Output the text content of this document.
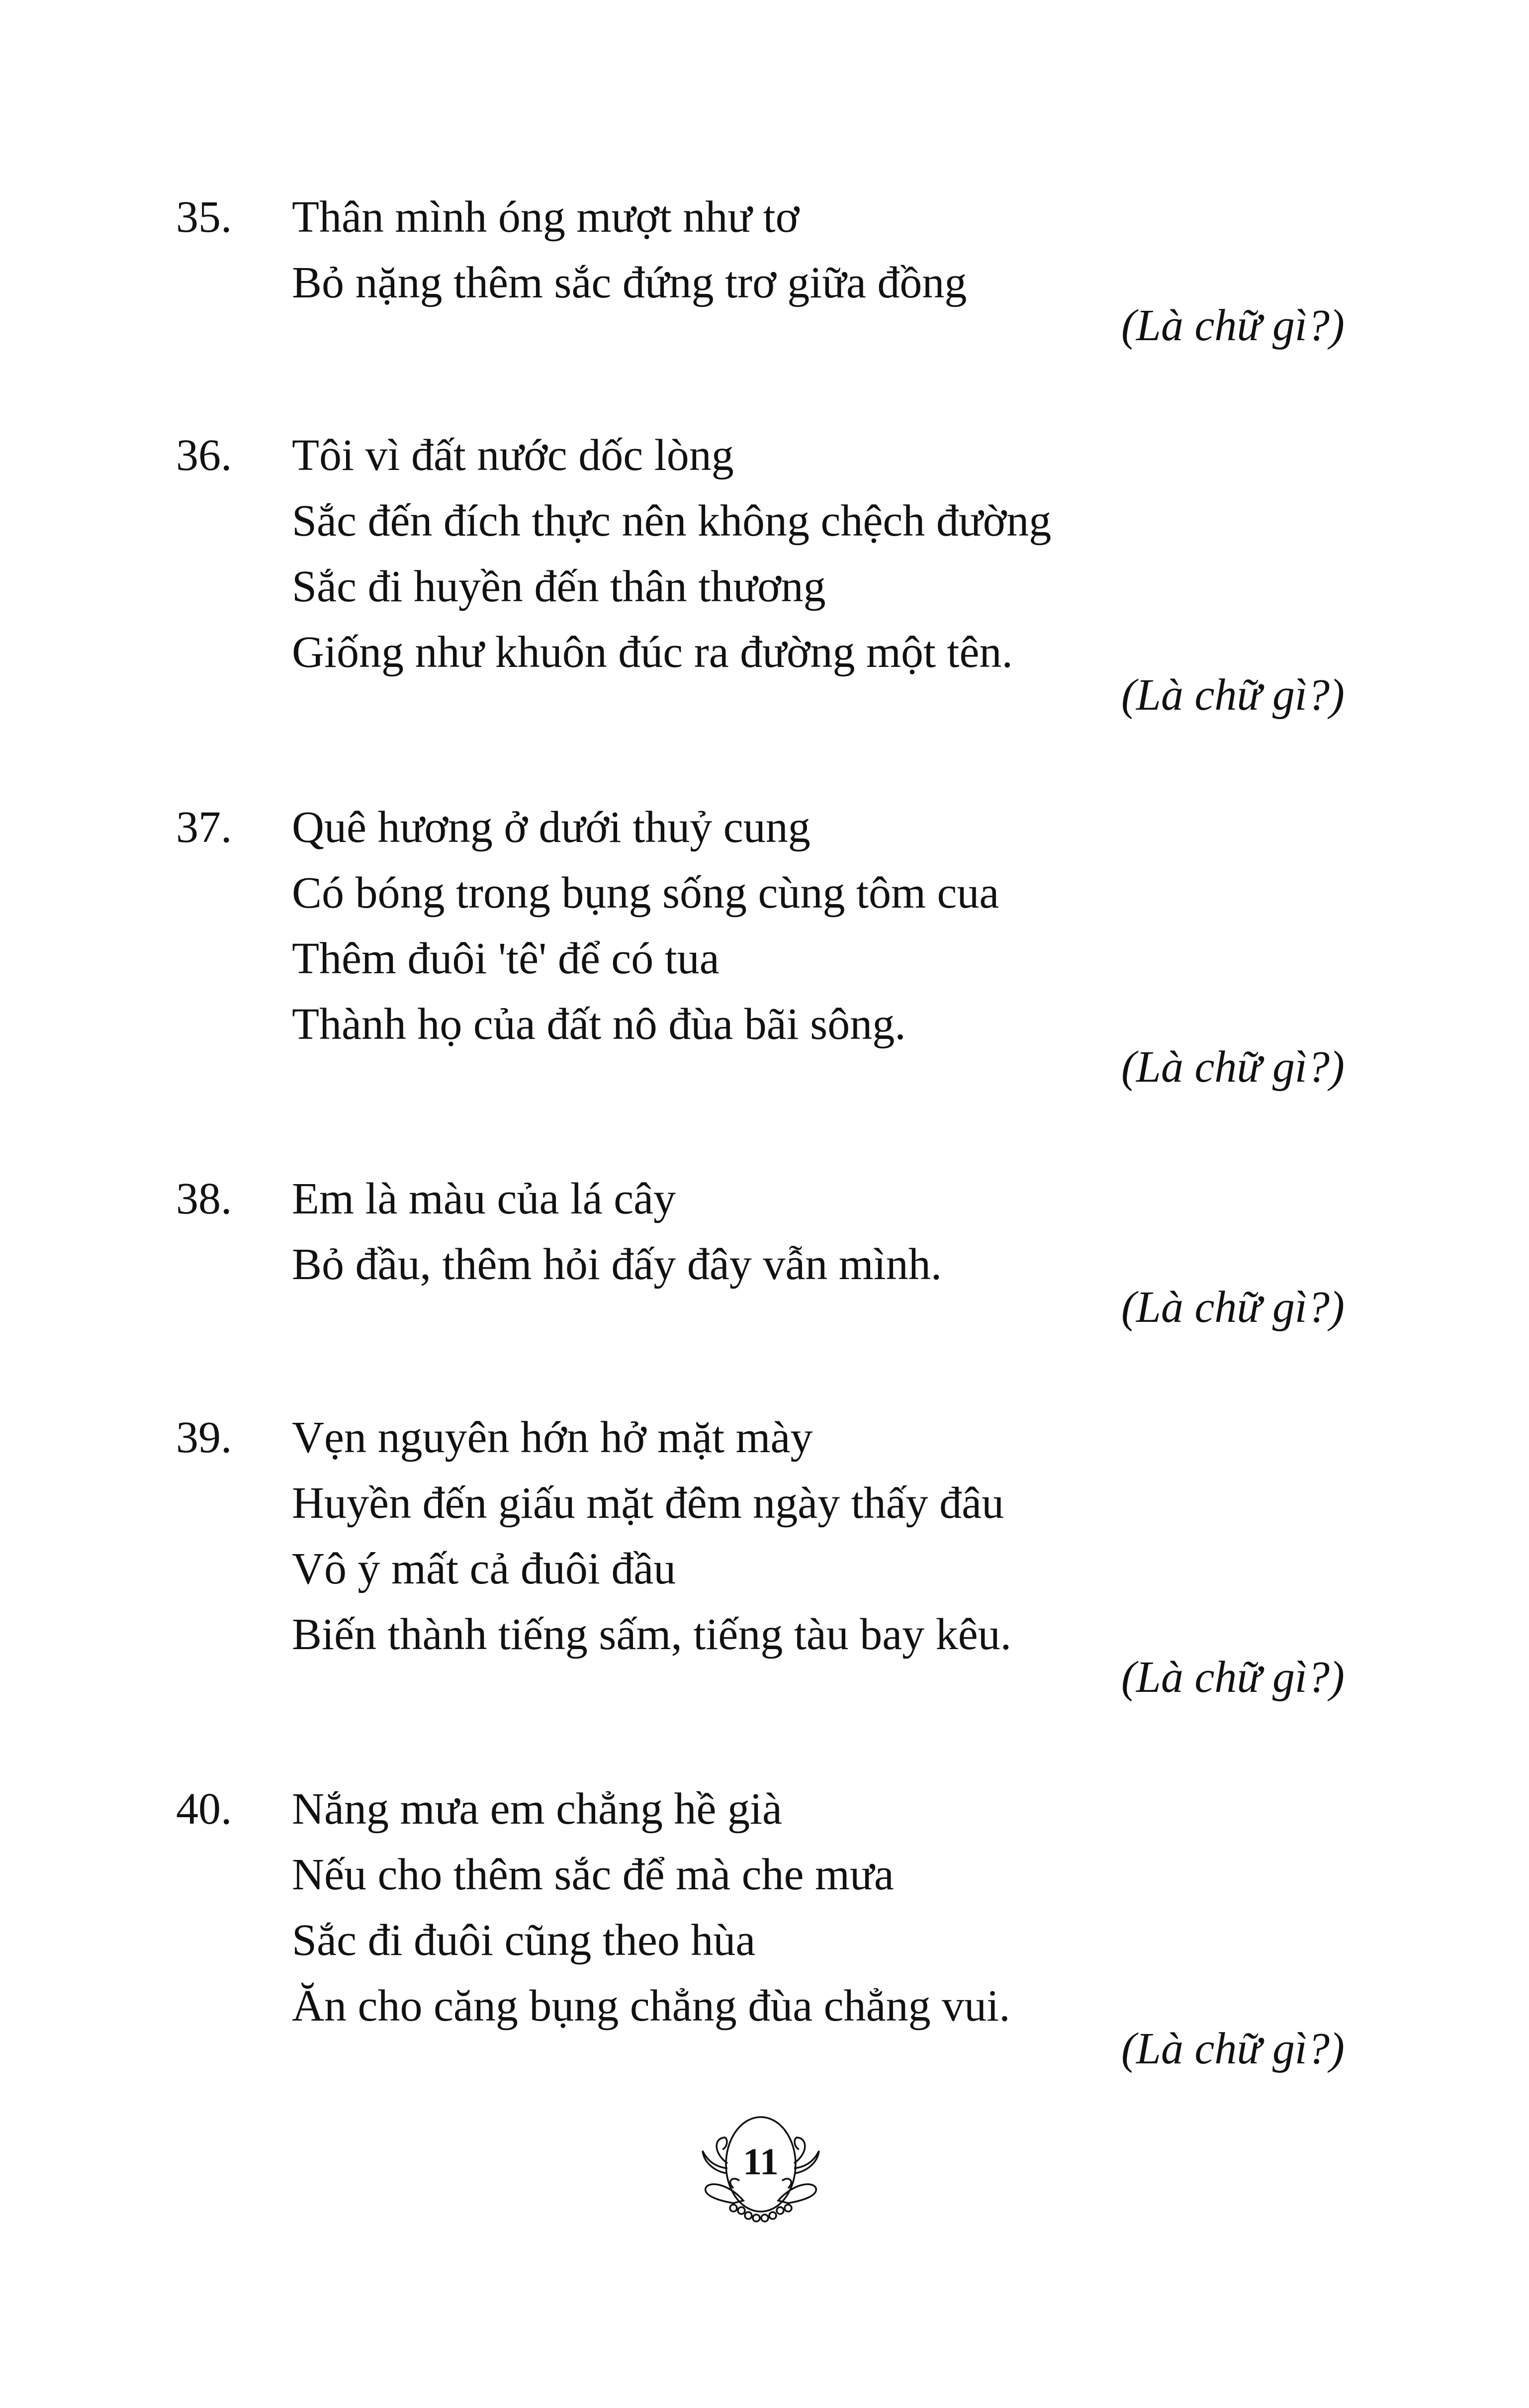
35. Thân mình óng mượt như tơ
Bỏ nặng thêm sắc đứng trơ giữa đồng
(Là chữ gì?)
36. Tôi vì đất nước dốc lòng
Sắc đến đích thực nên không chệch đường
Sắc đi huyền đến thân thương
Giống như khuôn đúc ra đường một tên.
(Là chữ gì?)
37. Quê hương ở dưới thuỷ cung
Có bóng trong bụng sống cùng tôm cua
Thêm đuôi 'tê' để có tua
Thành họ của đất nô đùa bãi sông.
(Là chữ gì?)
38. Em là màu của lá cây
Bỏ đầu, thêm hỏi đấy đây vẫn mình.
(Là chữ gì?)
39. Vẹn nguyên hớn hở mặt mày
Huyền đến giấu mặt đêm ngày thấy đâu
Vô ý mất cả đuôi đầu
Biến thành tiếng sấm, tiếng tàu bay kêu.
(Là chữ gì?)
40. Nắng mưa em chẳng hề già
Nếu cho thêm sắc để mà che mưa
Sắc đi đuôi cũng theo hùa
Ăn cho căng bụng chẳng đùa chẳng vui.
(Là chữ gì?)
11
